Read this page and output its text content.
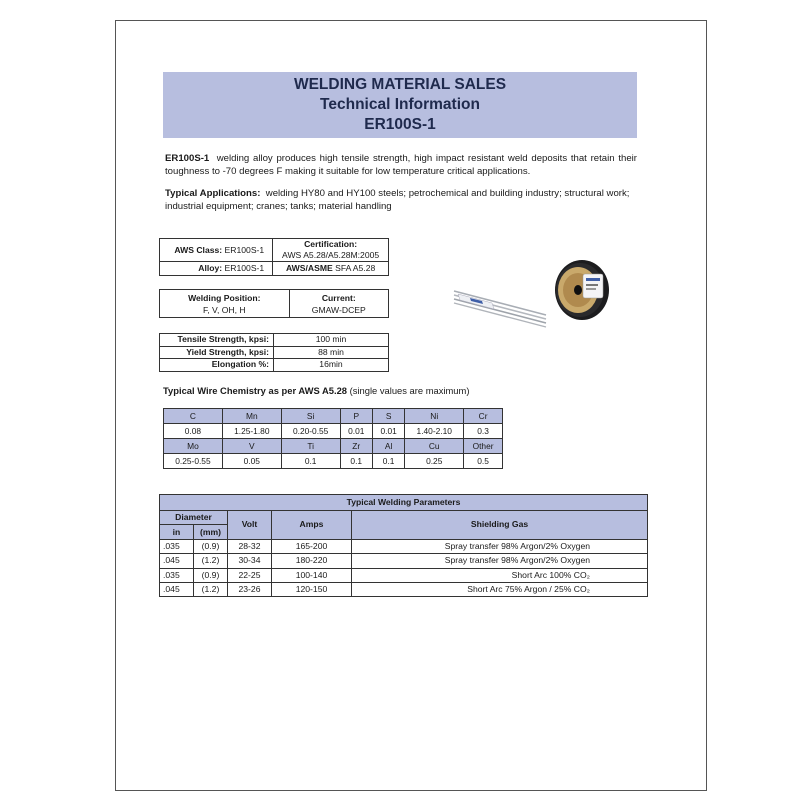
WELDING MATERIAL SALES
Technical Information
ER100S-1

ER100S-1 welding alloy produces high tensile strength, high impact resistant weld deposits that retain their toughness to -70 degrees F making it suitable for low temperature critical applications.

Typical Applications: welding HY80 and HY100 steels; petrochemical and building industry; structural work; industrial equipment; cranes; tanks; material handling

AWS Class: ER100S-1	Certification:
AWS A5.28/A5.28M:2005

Alloy: ER100S-1	AWS/ASME SFA A5.28
Welding Position:
F, V, OH, H

Current:
GMAW-DCEP
Tensile Strength, kpsi:	100 min
Yield Strength, kpsi:	88 min
Elongation %:	16min
Typical Wire Chemistry as per AWS A5.28 (single values are maximum)
C	Mn	Si	P	S	Ni	Cr
0.08	1.25-1.80	0.20-0.55	0.01	0.01	1.40-2.10	0.3
Mo	V	Ti	Zr	Al	Cu	Other
0.25-0.55	0.05	0.1	0.1	0.1	0.25	0.5
Typical Welding Parameters				
Diameter		Volt	Amps	Shielding Gas
in	(mm)			
.035	(0.9)	28-32	165-200	Spray transfer 98% Argon/2% Oxygen
.045	(1.2)	30-34	180-220	Spray transfer 98% Argon/2% Oxygen
.035	(0.9)	22-25	100-140	Short Arc 100% CO₂
.045	(1.2)	23-26	120-150	Short Arc 75% Argon / 25% CO₂
